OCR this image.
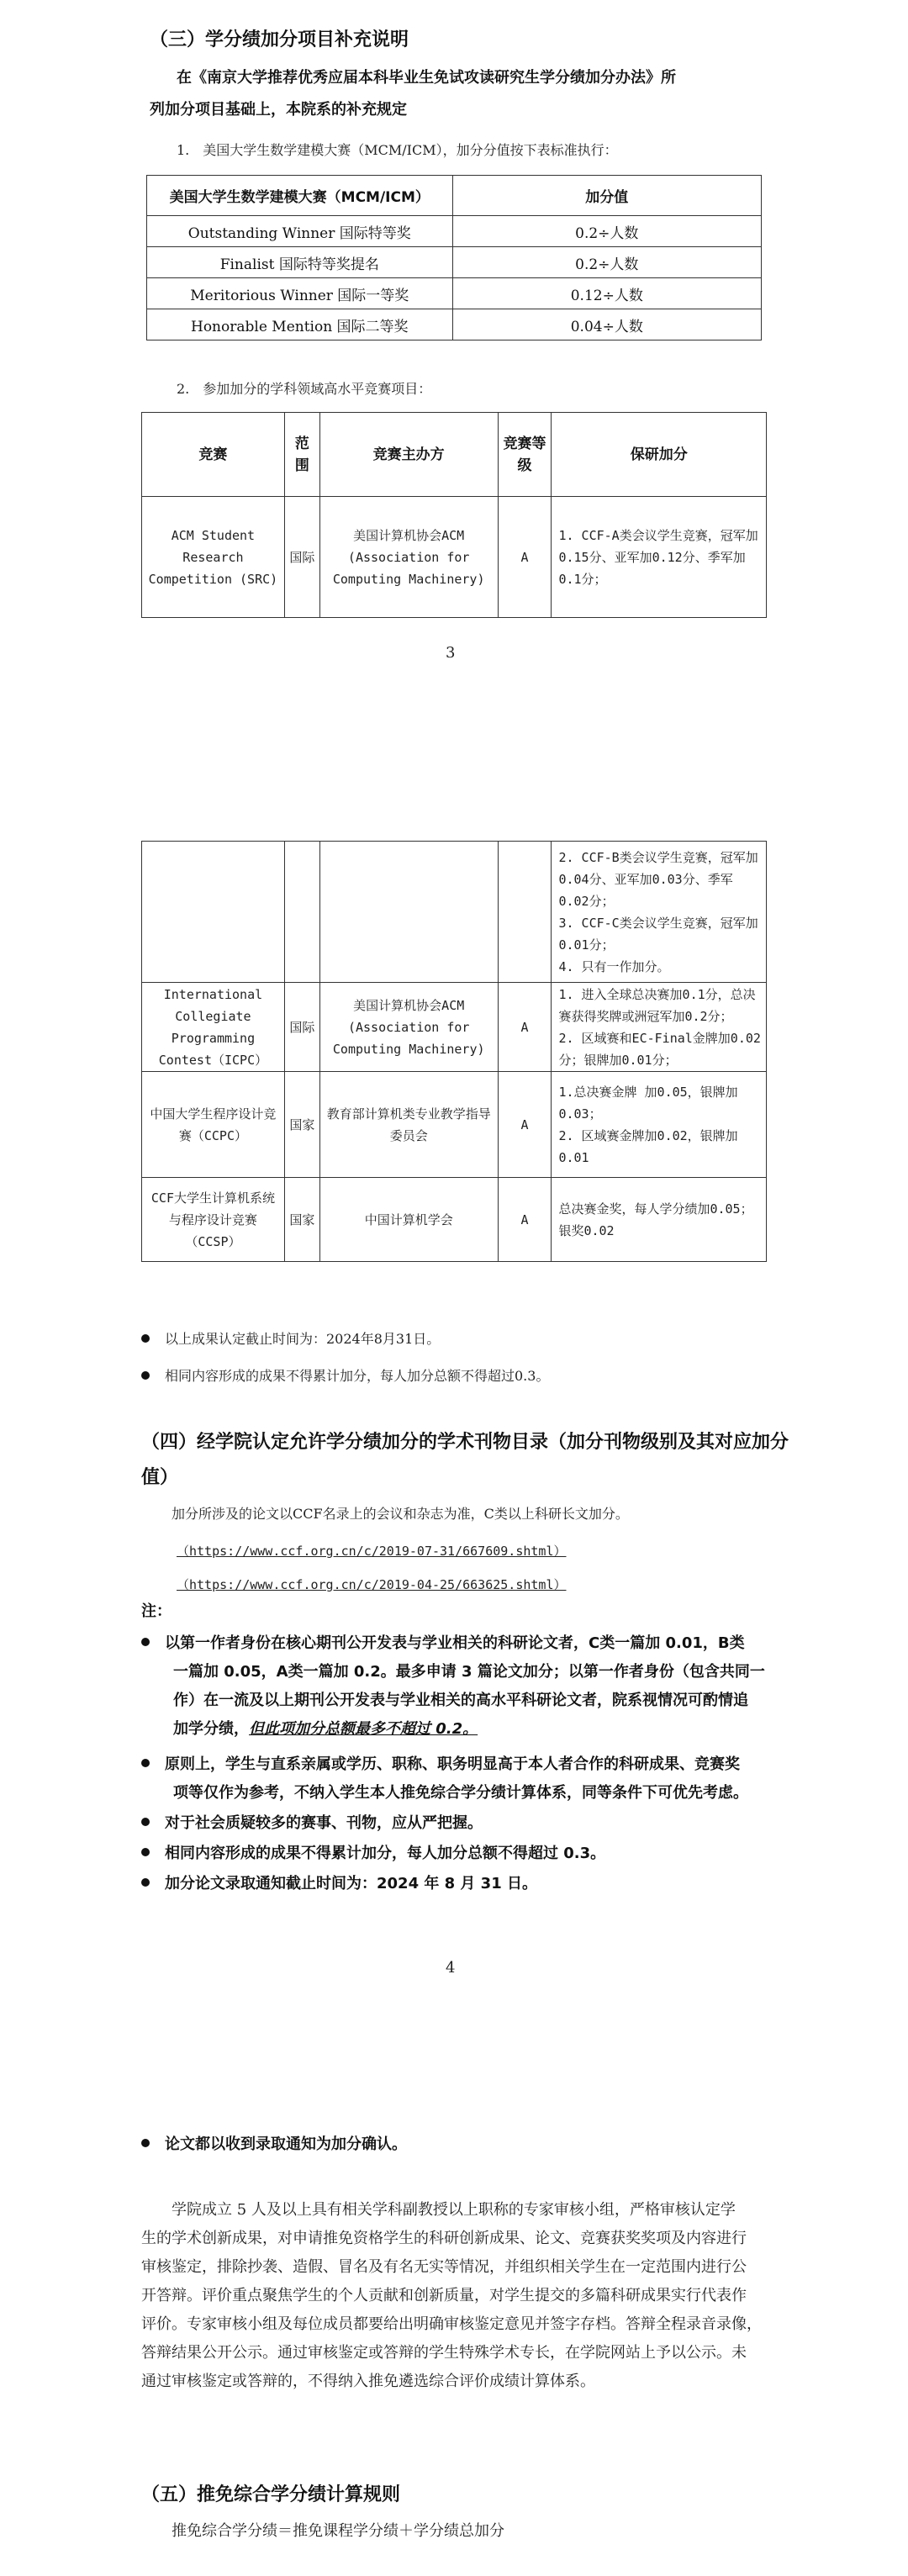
（三）学分绩加分项目补充说明
在《南京大学推荐优秀应届本科毕业生免试攻读研究生学分绩加分办法》所
列加分项目基础上，本院系的补充规定
1.　美国大学生数学建模大赛（MCM/ICM），加分分值按下表标准执行：
美国大学生数学建模大赛（MCM/ICM）	加分值
Outstanding Winner 国际特等奖	0.2÷人数
Finalist 国际特等奖提名	0.2÷人数
Meritorious Winner 国际一等奖	0.12÷人数
Honorable Mention 国际二等奖	0.04÷人数
2.　参加加分的学科领域高水平竞赛项目：
竞赛	范围	竞赛主办方	竞赛等级	保研加分
ACM Student Research Competition (SRC)	国际	美国计算机协会ACM (Association for Computing Machinery)	A	1. CCF-A类会议学生竞赛，冠军加0.15分、亚军加0.12分、季军加0.1分；
3
				2. CCF-B类会议学生竞赛，冠军加0.04分、亚军加0.03分、季军0.02分；
3. CCF-C类会议学生竞赛，冠军加0.01分；
4. 只有一作加分。
International Collegiate Programming Contest（ICPC）	国际	美国计算机协会ACM (Association for Computing Machinery)	A	1. 进入全球总决赛加0.1分，总决赛获得奖牌或洲冠军加0.2分；
2. 区域赛和EC-Final金牌加0.02分；银牌加0.01分；
中国大学生程序设计竞赛（CCPC）	国家	教育部计算机类专业教学指导委员会	A	1.总决赛金牌 加0.05，银牌加0.03；
2. 区域赛金牌加0.02，银牌加0.01
CCF大学生计算机系统与程序设计竞赛（CCSP）	国家	中国计算机学会	A	总决赛金奖，每人学分绩加0.05；银奖0.02
以上成果认定截止时间为：2024年8月31日。
相同内容形成的成果不得累计加分，每人加分总额不得超过0.3。
（四）经学院认定允许学分绩加分的学术刊物目录（加分刊物级别及其对应加分
值）
加分所涉及的论文以CCF名录上的会议和杂志为准，C类以上科研长文加分。
（https://www.ccf.org.cn/c/2019-07-31/667609.shtml）
（https://www.ccf.org.cn/c/2019-04-25/663625.shtml）
注：
以第一作者身份在核心期刊公开发表与学业相关的科研论文者，C类一篇加 0.01，B类
一篇加 0.05，A类一篇加 0.2。最多申请 3 篇论文加分；以第一作者身份（包含共同一
作）在一流及以上期刊公开发表与学业相关的高水平科研论文者，院系视情况可酌情追
加学分绩，但此项加分总额最多不超过 0.2。
原则上，学生与直系亲属或学历、职称、职务明显高于本人者合作的科研成果、竞赛奖
项等仅作为参考，不纳入学生本人推免综合学分绩计算体系，同等条件下可优先考虑。
对于社会质疑较多的赛事、刊物，应从严把握。
相同内容形成的成果不得累计加分，每人加分总额不得超过 0.3。
加分论文录取通知截止时间为：2024 年 8 月 31 日。
4
论文都以收到录取通知为加分确认。
学院成立 5 人及以上具有相关学科副教授以上职称的专家审核小组，严格审核认定学
生的学术创新成果，对申请推免资格学生的科研创新成果、论文、竞赛获奖奖项及内容进行
审核鉴定，排除抄袭、造假、冒名及有名无实等情况，并组织相关学生在一定范围内进行公
开答辩。评价重点聚焦学生的个人贡献和创新质量，对学生提交的多篇科研成果实行代表作
评价。专家审核小组及每位成员都要给出明确审核鉴定意见并签字存档。答辩全程录音录像，
答辩结果公开公示。通过审核鉴定或答辩的学生特殊学术专长，在学院网站上予以公示。未
通过审核鉴定或答辩的，不得纳入推免遴选综合评价成绩计算体系。
（五）推免综合学分绩计算规则
推免综合学分绩＝推免课程学分绩＋学分绩总加分
